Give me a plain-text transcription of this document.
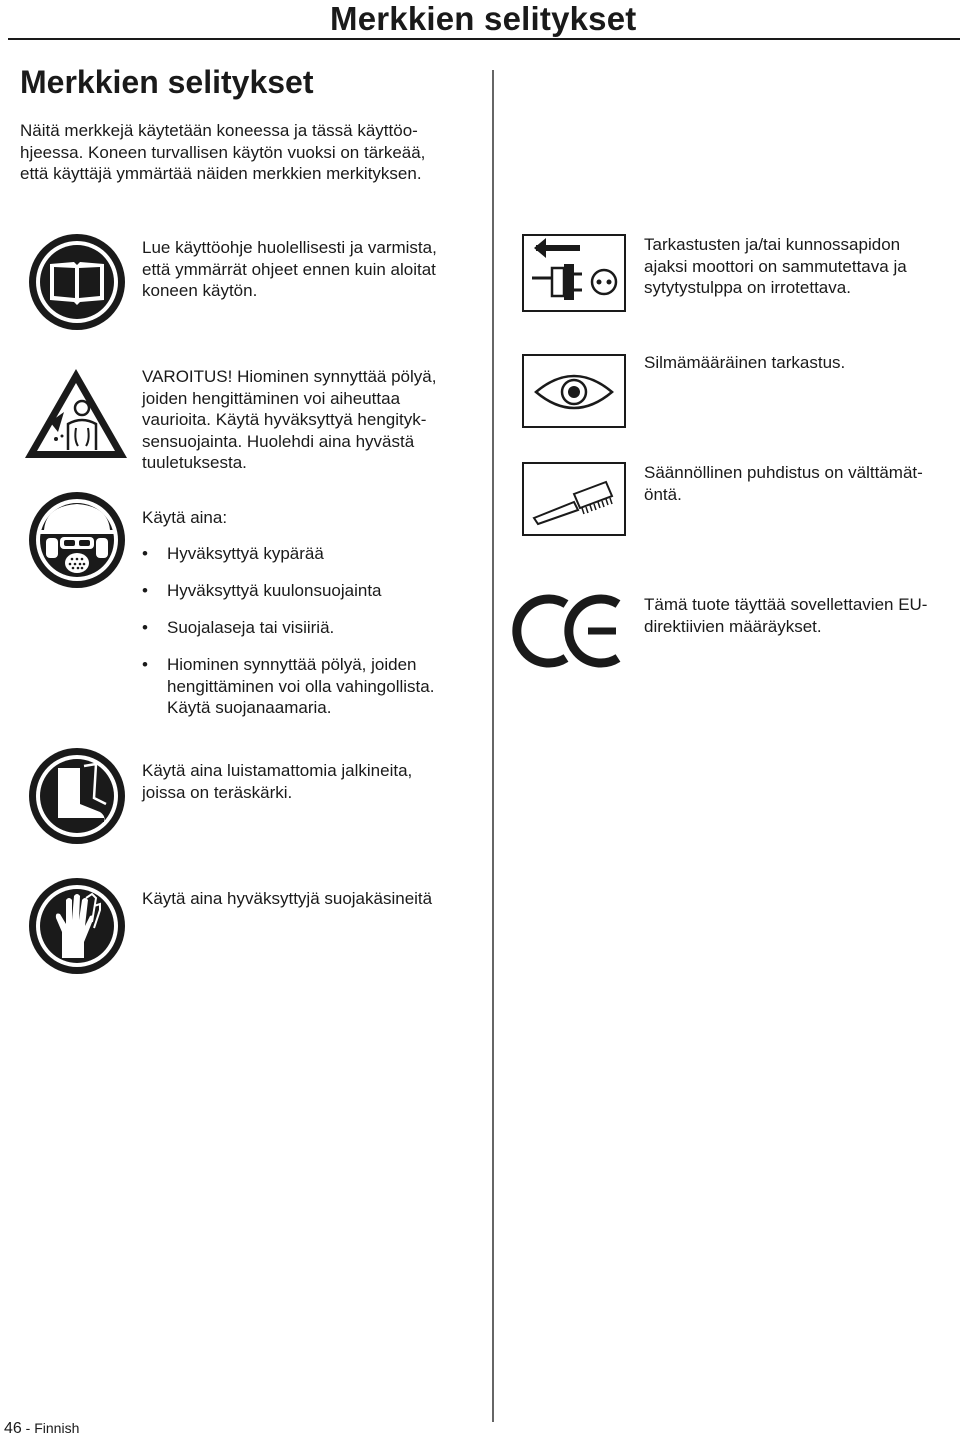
Merkkien selitykset
Merkkien selitykset
Näitä merkkejä käytetään koneessa ja tässä käyttöo-
hjeessa. Koneen turvallisen käytön vuoksi on tärkeää,
että käyttäjä ymmärtää näiden merkkien merkityksen.
Lue käyttöohje huolellisesti ja varmista,
että ymmärrät ohjeet ennen kuin aloitat
koneen käytön.
VAROITUS! Hiominen synnyttää pölyä,
joiden hengittäminen voi aiheuttaa
vaurioita. Käytä hyväksyttyä hengityk-
sensuojainta. Huolehdi aina hyvästä
tuuletuksesta.
Käytä aina:
• Hyväksyttyä kypärää
• Hyväksyttyä kuulonsuojainta
• Suojalaseja tai visiiriä.
• Hiominen synnyttää pölyä, joiden
hengittäminen voi olla vahingollista.
Käytä suojanaamaria.
Käytä aina luistamattomia jalkineita,
joissa on teräskärki.
Käytä aina hyväksyttyjä suojakäsineitä
Tarkastusten ja/tai kunnossapidon
ajaksi moottori on sammutettava ja
sytytystulppa on irrotettava.
Silmämääräinen tarkastus.
Säännöllinen puhdistus on välttämät-
öntä.
Tämä tuote täyttää sovellettavien EU-
direktiivien määräykset.
46 - Finnish
